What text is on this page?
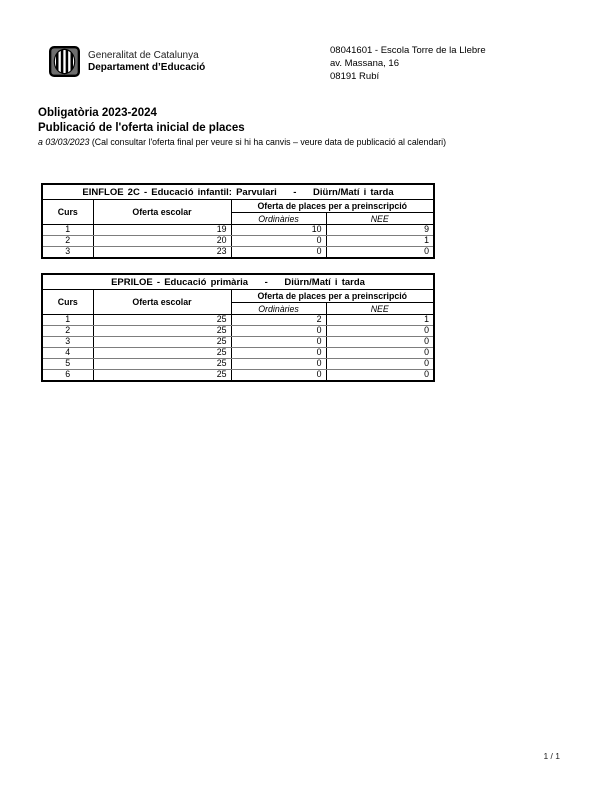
Generalitat de Catalunya
Departament d’Educació
08041601 - Escola Torre de la Llebre
av. Massana, 16
08191 Rubí
Obligatòria 2023-2024
Publicació de l'oferta inicial de places
a 03/03/2023 (Cal consultar l'oferta final per veure si hi ha canvis – veure data de publicació al calendari)
EINFLOE 2C - Educació infantil: Parvulari    -    Diürn/Matí i tarda			
Curs	Oferta escolar	Oferta de places per a preinscripció	
		Ordinàries	NEE
1	19	10	9
2	20	0	1
3	23	0	0
EPRILOE - Educació primària    -    Diürn/Matí i tarda			
Curs	Oferta escolar	Oferta de places per a preinscripció	
		Ordinàries	NEE
1	25	2	1
2	25	0	0
3	25	0	0
4	25	0	0
5	25	0	0
6	25	0	0
1 / 1
